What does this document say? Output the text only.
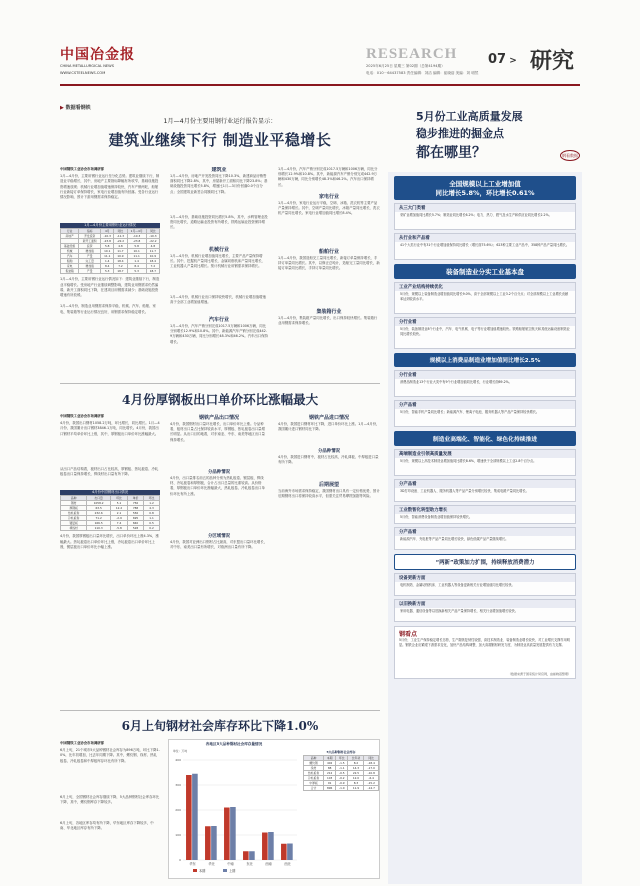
中国冶金报
CHINA METALLURGICAL NEWS
WWW.CSTEELNEWS.COM
RESEARCH
2025年6月25日 星期三 第02期（总第4194期）
电话：010－64437583 责任编辑：刘洁 编辑：崔晓蓓 美编：刘 明然
07 > 研究
▶ 数据看钢铁
1月—4月份主要用钢行业运行报告显示：
建筑业继续下行 制造业平稳增长
中国钢铁工业协会市场调研部
1月—4月份，主要用钢行业运行呈分化态势。建筑业继续下行，制造业平稳增长，其中，房地产主要指标降幅有所收窄，基础设施投资增速放缓；机械行业增加值增速保持较快，汽车产销两旺，船舶行业新接订单保持增长，家电行业增加值有所回落。受各行业运行情况影响，预计下游用钢需求保持稳定。
1月—4月份主要用钢行业运行情况
行业	指标	4月	同比	1月—4月	同比
房地产	开发投资	-10.3	-11.3	-10.3	-10.3
	新开工面积	-23.8	-22.2	-23.8	-22.2
基础设施	投资	5.8	4.8	5.8	4.8
机械	增加值	10.1	11.7	10.1	11.7
汽车	产量	11.1	10.9	11.1	10.9
船舶	完工量	1.4	18.4	1.4	18.4
家电	增加值	8.4	7.2	8.4	7.2
集装箱	产量	5.3	18.7	5.3	18.7
1月—4月份，主要用钢行业运行情况如下：建筑业继续下行，制造业平稳增长。受房地产行业继续调整影响，建筑业用钢需求仍然偏弱，新开工面积同比下降，在建项目用钢需求减少；基础设施投资增速有所放缓。
1月—4月份，制造业用钢需求保持平稳，机械、汽车、船舶、家电、集装箱等行业运行情况良好，用钢需求保持稳定增长。
建筑业
1月—4月份，房地产开发投资同比下降10.3%，新建商品房销售面积同比下降2.8%，其中，房屋新开工面积同比下降23.8%；基础设施投资同比增长5.8%，增速比1月—3月份回落0.0个百分点；全国建筑业新签合同额同比下降。
1月—4月份，基础设施投资同比增长5.8%，其中，水利管理业投资同比增长，道路运输业投资有所增长，铁路运输业投资保持增长。
机械行业
1月—4月份，机械行业增加值同比增长，主要产品产量保持增长。其中，挖掘机产量同比增长，金属切削机床产量同比增长，工业机器人产量同比增长。预计机械行业用钢需求保持增长。
1月—4月份，机械行业出口保持较快增长，机械行业增加值增速高于全部工业增加值增速。
汽车行业
1月—4月份，汽车产销分别完成1017.5万辆和1006万辆，同比分别增长12.9%和10.8%。其中，新能源汽车产销分别完成442.9万辆和430万辆，同比分别增长48.3%和46.2%。汽车出口保持增长。
1月—4月份，汽车产销分别完成1017.5万辆和1006万辆，同比分别增长12.9%和10.8%。其中，新能源汽车产销分别完成442.9万辆和430万辆，同比分别增长48.3%和46.2%。汽车出口保持增长。
家电行业
1月—4月份，家电行业运行平稳，空调、冰箱、洗衣机等主要产品产量保持增长。其中，空调产量同比增长，冰箱产量同比增长，洗衣机产量同比增长。家电行业增加值同比增长8.4%。
船舶行业
1月—4月份，我国造船完工量同比增长，新接订单量保持增长，手持订单量同比增长。其中，以修正总吨计，造船完工量同比增长，新接订单量同比增长，手持订单量同比增长。
集装箱行业
1月—4月份，集装箱产量同比增长，出口保持较快增长。集装箱行业用钢需求保持增长。
4月份厚钢板出口单价环比涨幅最大
中国钢铁工业协会市场调研部
4月份，我国出口钢材1058.2万吨，环比增长，同比增长。1月—4月份，我国累计出口钢材3846.1万吨，同比增长。4月份，我国出口钢材平均单价环比上涨，其中，厚钢板出口单价环比涨幅最大。
从出口产品结构看，板材出口占比较高，厚钢板、热轧板卷、冷轧板卷出口量保持增长，棒线材出口量有所下降。
4月份中国钢材出口情况
品种	出口量	环比	单价	环比
钢材	1058.2	5.1	756	1.2
厚钢板	63.5	12.2	788	4.3
热轧板卷	232.6	2.1	556	0.8
冷轧板卷	71.2	-2.9	695	1.1
镀层板	166.5	7.4	840	0.5
棒线材	110.3	-5.8	528	0.2
4月份，我国厚钢板出口量环比增长，出口单价环比上涨4.3%，涨幅最大。热轧板卷出口单价环比上涨，冷轧板卷出口单价环比上涨，镀层板出口单价环比小幅上涨。
钢铁产品出口情况
4月份，我国钢材出口量环比增长，出口单价环比上涨。分品种看，板材出口量占比保持较高水平，厚钢板、热轧板卷出口量增长明显。从出口目的地看，对东南亚、中东、南美等地区出口量保持增长。
分品种情况
4月份，出口量排名前五的品种分别为热轧板卷、镀层板、棒线材、冷轧板卷和厚钢板，合计占出口总量的比重较高。从价格看，厚钢板出口单价环比涨幅最大，热轧板卷、冷轧板卷出口单价环比有所上涨。
分区域情况
4月份，我国对亚洲出口钢材占比最高，对东盟出口量环比增长，对中东、南美出口量有所增长，对欧洲出口量有所下降。
钢铁产品进口情况
4月份，我国进口钢材环比下降，进口单价环比上涨。1月—4月份，我国累计进口钢材同比下降。
分品种情况
4月份，我国进口钢材中，板材占比较高，冷轧薄板、中厚板进口量有所下降。
后期展望
当前海外市场需求保持稳定，我国钢材出口具有一定价格优势，预计后期钢材出口将保持较高水平，但需关注贸易摩擦加剧等风险。
6月上旬钢材社会库存环比下降1.0%
中国钢铁工业协会市场调研部
6月上旬，21个城市5大品种钢材社会库存为896万吨，环比下降1.0%，比年初增加，比去年同期下降。其中，螺纹钢、线材、热轧板卷、冷轧板卷和中厚板库存环比有所下降。
6月上旬，全国钢材社会库存继续下降，5大品种钢材社会库存环比下降，其中，螺纹钢库存下降较多。
6月上旬，各地区库存均有所下降，华东地区库存下降较多，中南、华北地区库存有所下降。
各地区5大品种钢材社会库存量情况
单位：万吨
0
100
200
300
400
华东	华北	中南	东北	西南	西北
本期	上期
5大品种钢材社会库存
品种	本期	环比	比年初	同比
螺纹钢	402	-1.5	8.2	-18.4
线材	88	-1.1	14.3	-17.0
热轧板卷	212	-0.5	22.5	-10.8
冷轧板卷	103	-0.2	12.0	-6.4
中厚板	91	-0.9	8.3	-15.2
合计	896	-1.0	11.9	-14.7
5月份工业高质量发展
稳步推进的掘金点
都在哪里？	钢看数据
全国规模以上工业增加值
同比增长5.8%，环比增长0.61%
从三大门类看
采矿业增加值同比增长5.7%；制造业同比增长6.2%；电力、热力、燃气及水生产和供应业同比增长2.2%。
从行业和产品看
41个大类行业中有31个行业增加值保持同比增长（增长面75.6%）；623种主要工业产品中，358种产品产量同比增长。
装备制造业分实工业基本盘
工业产业结构持续优化
5月份，规模以上装备制造业增加值同比增长9.0%，高于全部规模以上工业3.2个百分点；对全部规模以上工业增长贡献率达到较高水平。
分行业看
5月份，装备制造业8个行业中，汽车、电气机械、电子等行业增加值增速较快。铁路船舶航空航天和其他运输设备制造业同比增长较快。
规模以上消费品制造业增加值同比增长2.5%
分行业看
消费品制造业13个行业大类中有9个行业增加值同比增长，行业增长面69.2%。
分产品看
5月份，智能手机产量同比增长；新能源汽车、锂离子电池、服务机器人等产品产量保持较快增长。
制造业高端化、智能化、绿色化持续推进
高端制造业引领高质量发展
5月份，规模以上高技术制造业增加值同比增长8.6%，增速快于全部规模以上工业2.8个百分点。
分产品看
3D打印设备、工业机器人、服务机器人等产品产量分别增长较快，集成电路产量同比增长。
工业数智化转型助力增长
5月份，智能消费设备制造业增加值保持较快增长。
分产品看
新能源汽车、充电桩等产品产量同比增长较快，绿色低碳产品产量继续增长。
“两新”政策加力扩围，持续释放消费潜力
设备更新方面
电机制造、金属切削机床、工业机器人等设备更新相关行业增加值同比增长较快。
以旧换新方面
家用电器、通信设备等以旧换新相关产品产量保持增长，相关行业增加值增长较快。
钢看点
5月份，工业生产保持稳定增长态势，生产端恢复韧性较强，高技术制造业、装备制造业增长较快，对工业增长支撑作用明显。钢铁企业应紧跟下游需求变化，加快产品结构调整，加大高端钢材研发力度，为制造业高质量发展提供有力支撑。
（数据来源于国家统计局官网，由崔晓蓓整理）
